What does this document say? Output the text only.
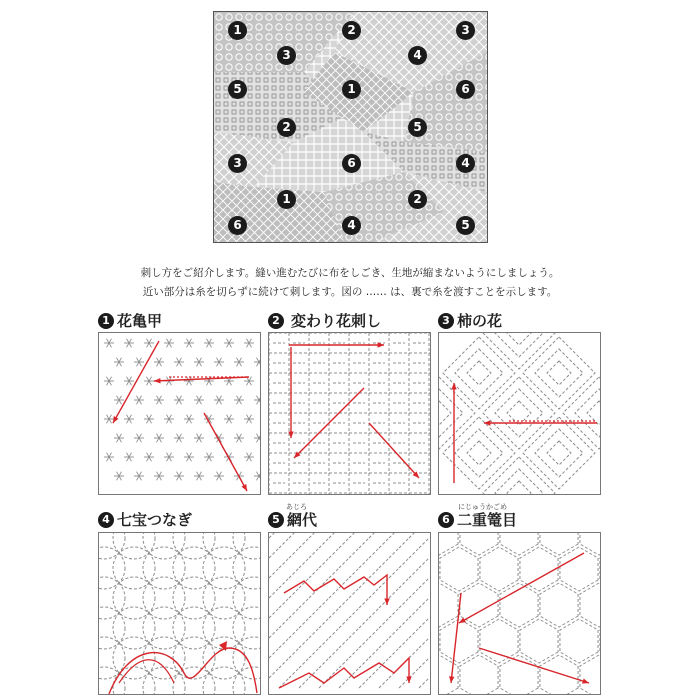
1	2	3
3	4
5	1	6
2	5
3	6	4
1	2
6	4	5
刺し方をご紹介します。縫い進むたびに布をしごき、生地が縮まないようにしましょう。
近い部分は糸を切らずに続けて刺します。図の …… は、裏で糸を渡すことを示します。
1 花亀甲	2 変わり花刺し	3 柿の花
4 七宝つなぎ
あじろ
5 網代
にじゅうかごめ
6 二重篭目
